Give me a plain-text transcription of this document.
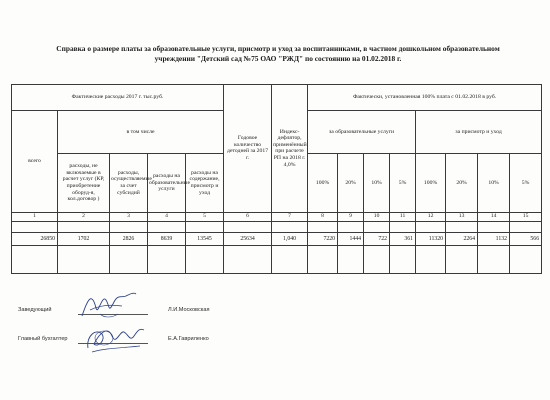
Справка о размере платы за образовательные услуги, присмотр и уход за воспитанниками, в частном дошкольном образовательном
учреждении "Детский сад №75 ОАО "РЖД" по состоянию на 01.02.2018 г.
Фактические расходы 2017 г. тыс.руб.					Годовое количество детодней за 2017 г.	Индекс-дефлятор, применённый при расчете РП на 2018 г. 4,0%	Фактически, установленная 100% плата с 01.02.2018 в руб.							
всего	в том числе						за образовательные услуги				за присмотр и уход			
	расходы, не включаемые в расчет услуг (КР, приобретение оборуд-я, кол.договор )	расходы, осуществляемые за счет субсидий	расходы на образовательные услуги	расходы на содержание, присмотр и уход			100%	20%	10%	5%	100%	20%	10%	5%
1	2	3	4	5	6	7	8	9	10	11	12	13	14	15

26850	1702	2826	8639	13545	25634	1,040	7220	1444	722	361	11320	2264	1132	566

Заведующий	Л.И.Московская
Главный бухгалтер	Е.А.Гавриленко
